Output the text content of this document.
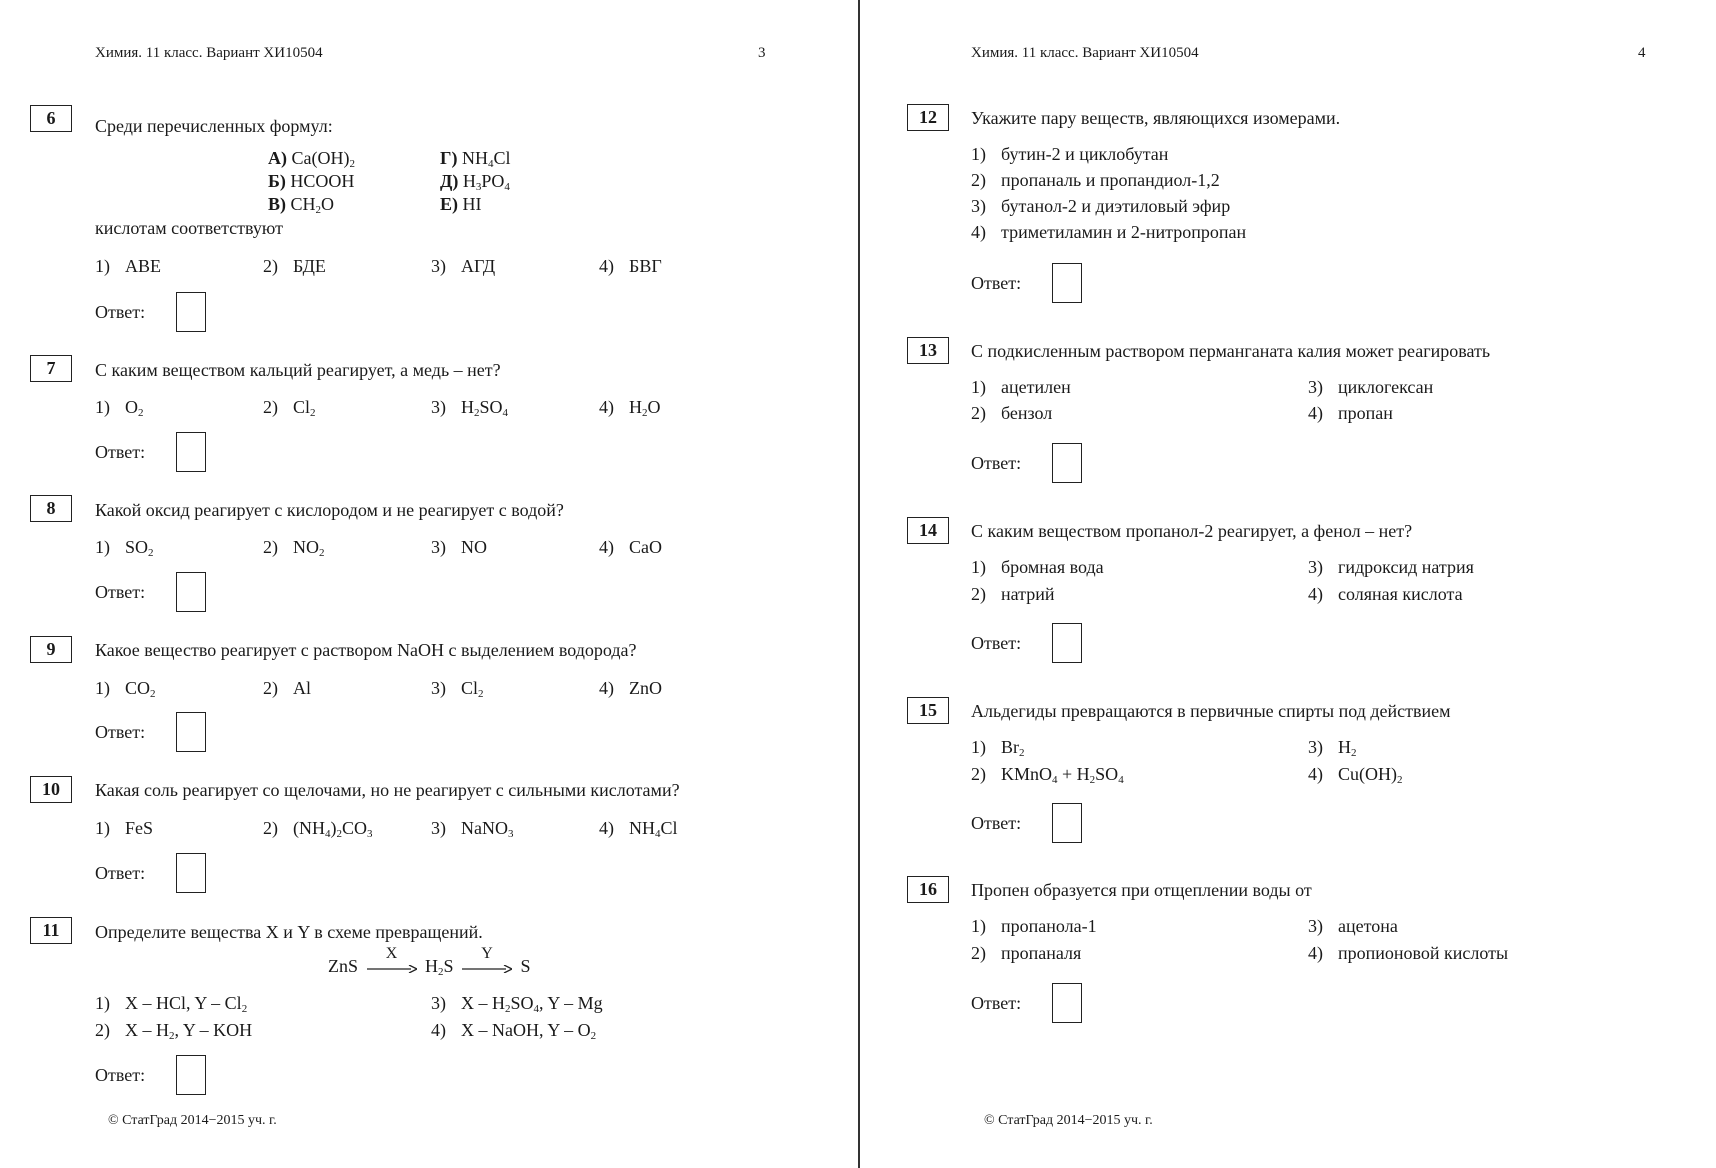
Химия. 11 класс. Вариант ХИ10504	3
6	Среди перечисленных формул:
А) $Ca(OH)_2$	Г) $NH_4Cl$
Б) HCOOH	Д) $H_3PO_4$
В) $CH_2O$	Е) HI
кислотам соответствуют
1) АВЕ	2) БДЕ	3) АГД	4) БВГ
Ответ:
7	С каким веществом кальций реагирует, а медь – нет?
1) $O_2$	2) $Cl_2$	3) $H_2SO_4$	4) $H_2O$
Ответ:
8	Какой оксид реагирует с кислородом и не реагирует с водой?
1) $SO_2$	2) $NO_2$	3) NO	4) CaO
Ответ:
9	Какое вещество реагирует с раствором NaOH с выделением водорода?
1) $CO_2$	2) Al	3) $Cl_2$	4) ZnO
Ответ:
10	Какая соль реагирует со щелочами, но не реагирует с сильными кислотами?
1) FeS	2) $(NH_4)_2CO_3$	3) NaNO$_3$	4) $NH_4Cl$
Ответ:
11	Определите вещества X и Y в схеме превращений.
ZnS
X
$H_2S$
Y
S
1) X – HCl, Y – $Cl_2$	3) X – $H_2SO_4$, Y – Mg
2) X – $H_2$, Y – KOH	4) X – NaOH, Y – $O_2$
Ответ:
© СтатГрад 2014−2015 уч. г.
Химия. 11 класс. Вариант ХИ10504	4
12	Укажите пару веществ, являющихся изомерами.
1) бутин-2 и циклобутан
2) пропаналь и пропандиол-1,2
3) бутанол-2 и диэтиловый эфир
4) триметиламин и 2-нитропропан
Ответ:
13	С подкисленным раствором перманганата калия может реагировать
1) ацетилен	3) циклогексан
2) бензол	4) пропан
Ответ:
14	С каким веществом пропанол-2 реагирует, а фенол – нет?
1) бромная вода	3) гидроксид натрия
2) натрий	4) соляная кислота
Ответ:
15	Альдегиды превращаются в первичные спирты под действием
1) $Br_2$	3) $H_2$
2) KMnO$_4$ + $H_2SO_4$	4) $Cu(OH)_2$
Ответ:
16	Пропен образуется при отщеплении воды от
1) пропанола-1	3) ацетона
2) пропаналя	4) пропионовой кислоты
Ответ:
© СтатГрад 2014−2015 уч. г.
